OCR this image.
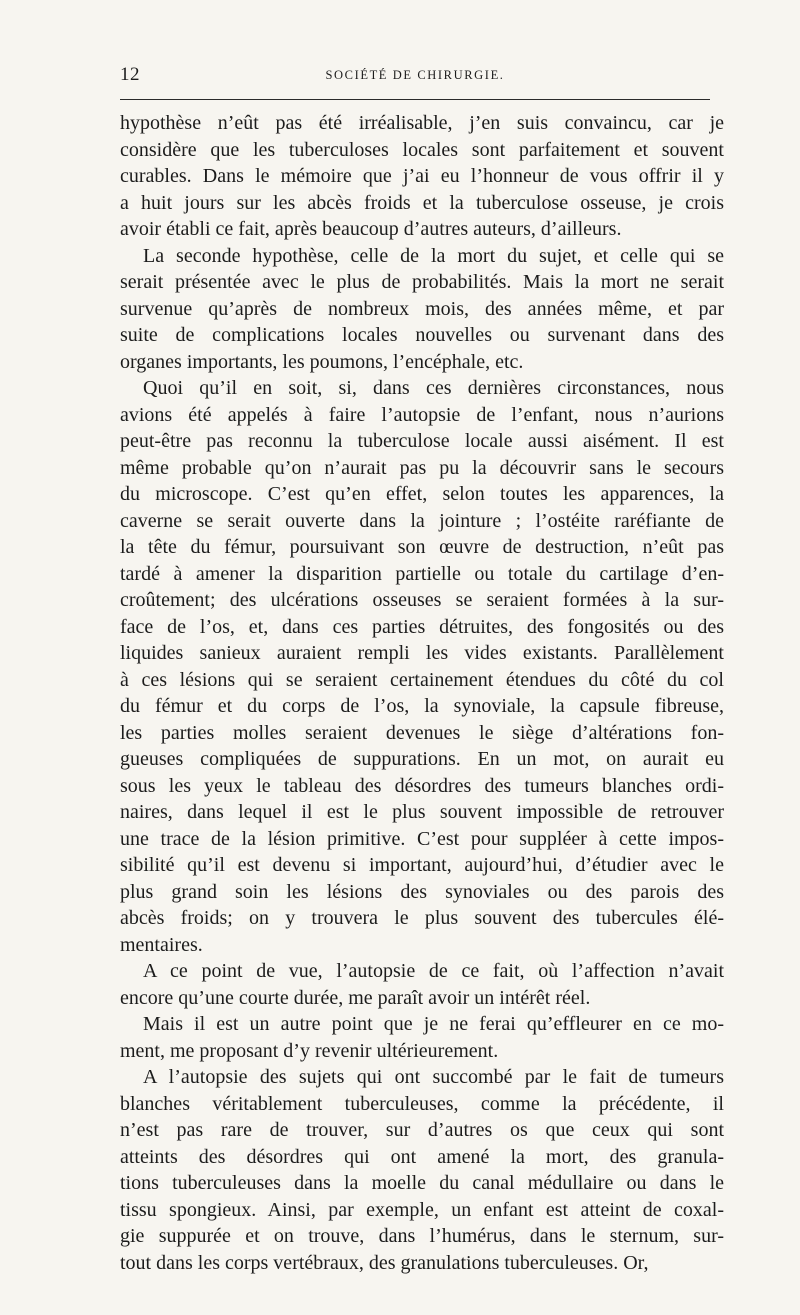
12	SOCIÉTÉ DE CHIRURGIE.
hypothèse n’eût pas été irréalisable, j’en suis convaincu, car je
considère que les tuberculoses locales sont parfaitement et souvent
curables. Dans le mémoire que j’ai eu l’honneur de vous offrir il y
a huit jours sur les abcès froids et la tuberculose osseuse, je crois
avoir établi ce fait, après beaucoup d’autres auteurs, d’ailleurs.
La seconde hypothèse, celle de la mort du sujet, et celle qui se
serait présentée avec le plus de probabilités. Mais la mort ne serait
survenue qu’après de nombreux mois, des années même, et par
suite de complications locales nouvelles ou survenant dans des
organes importants, les poumons, l’encéphale, etc.
Quoi qu’il en soit, si, dans ces dernières circonstances, nous
avions été appelés à faire l’autopsie de l’enfant, nous n’aurions
peut-être pas reconnu la tuberculose locale aussi aisément. Il est
même probable qu’on n’aurait pas pu la découvrir sans le secours
du microscope. C’est qu’en effet, selon toutes les apparences, la
caverne se serait ouverte dans la jointure ; l’ostéite raréfiante de
la tête du fémur, poursuivant son œuvre de destruction, n’eût pas
tardé à amener la disparition partielle ou totale du cartilage d’en-
croûtement; des ulcérations osseuses se seraient formées à la sur-
face de l’os, et, dans ces parties détruites, des fongosités ou des
liquides sanieux auraient rempli les vides existants. Parallèlement
à ces lésions qui se seraient certainement étendues du côté du col
du fémur et du corps de l’os, la synoviale, la capsule fibreuse,
les parties molles seraient devenues le siège d’altérations fon-
gueuses compliquées de suppurations. En un mot, on aurait eu
sous les yeux le tableau des désordres des tumeurs blanches ordi-
naires, dans lequel il est le plus souvent impossible de retrouver
une trace de la lésion primitive. C’est pour suppléer à cette impos-
sibilité qu’il est devenu si important, aujourd’hui, d’étudier avec le
plus grand soin les lésions des synoviales ou des parois des
abcès froids; on y trouvera le plus souvent des tubercules élé-
mentaires.
A ce point de vue, l’autopsie de ce fait, où l’affection n’avait
encore qu’une courte durée, me paraît avoir un intérêt réel.
Mais il est un autre point que je ne ferai qu’effleurer en ce mo-
ment, me proposant d’y revenir ultérieurement.
A l’autopsie des sujets qui ont succombé par le fait de tumeurs
blanches véritablement tuberculeuses, comme la précédente, il
n’est pas rare de trouver, sur d’autres os que ceux qui sont
atteints des désordres qui ont amené la mort, des granula-
tions tuberculeuses dans la moelle du canal médullaire ou dans le
tissu spongieux. Ainsi, par exemple, un enfant est atteint de coxal-
gie suppurée et on trouve, dans l’humérus, dans le sternum, sur-
tout dans les corps vertébraux, des granulations tuberculeuses. Or,
